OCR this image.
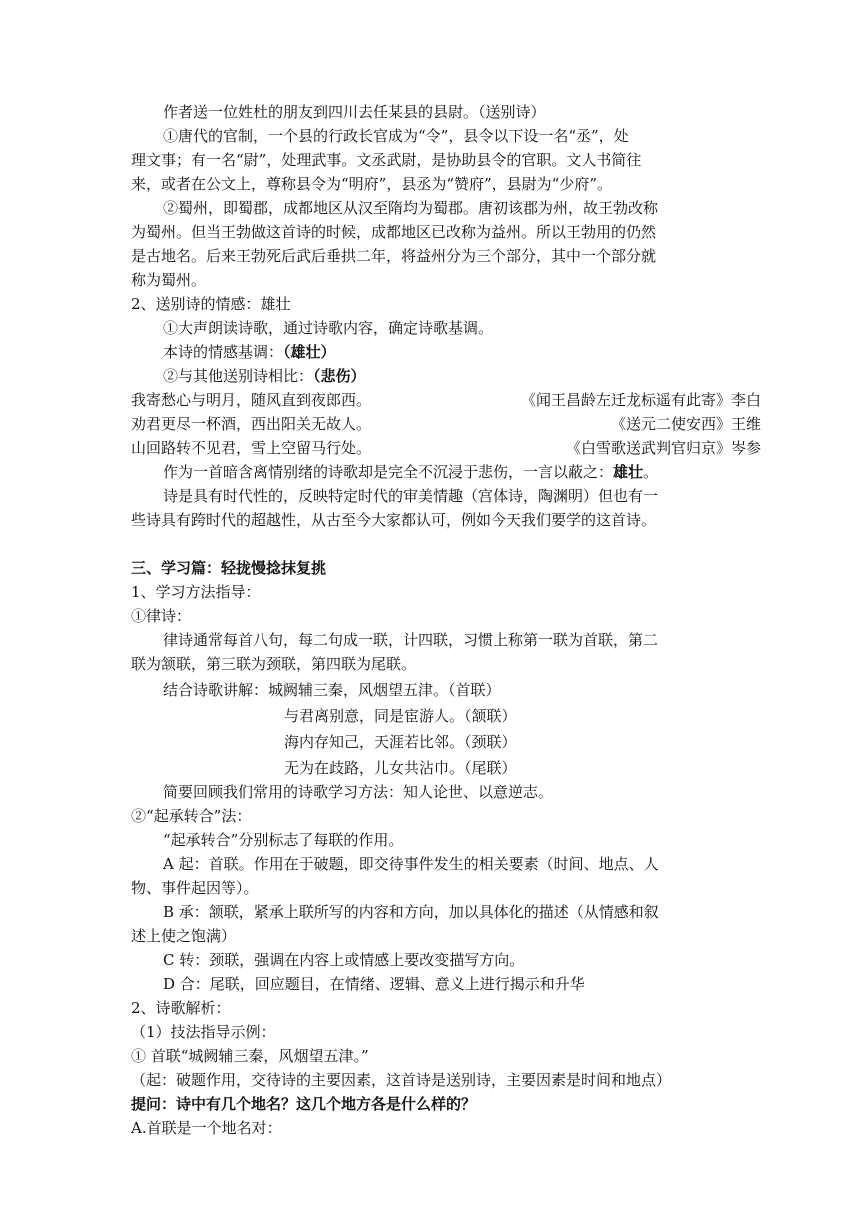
作者送一位姓杜的朋友到四川去任某县的县尉。（送别诗）
①唐代的官制，一个县的行政长官成为“令”，县令以下设一名“丞”，处
理文事；有一名“尉”，处理武事。文丞武尉，是协助县令的官职。文人书简往
来，或者在公文上，尊称县令为“明府”，县丞为“赞府”，县尉为“少府”。
②蜀州，即蜀郡，成都地区从汉至隋均为蜀郡。唐初该郡为州，故王勃改称
为蜀州。但当王勃做这首诗的时候，成都地区已改称为益州。所以王勃用的仍然
是古地名。后来王勃死后武后垂拱二年，将益州分为三个部分，其中一个部分就
称为蜀州。
2、送别诗的情感：雄壮
①大声朗读诗歌，通过诗歌内容，确定诗歌基调。
本诗的情感基调：（雄壮）
②与其他送别诗相比：（悲伤）
我寄愁心与明月，随风直到夜郎西。	《闻王昌龄左迁龙标遥有此寄》李白
劝君更尽一杯酒，西出阳关无故人。	《送元二使安西》王维
山回路转不见君，雪上空留马行处。	《白雪歌送武判官归京》岑参
作为一首暗含离情别绪的诗歌却是完全不沉浸于悲伤，一言以蔽之：雄壮。
诗是具有时代性的，反映特定时代的审美情趣（宫体诗，陶渊明）但也有一
些诗具有跨时代的超越性，从古至今大家都认可，例如今天我们要学的这首诗。
三、学习篇：轻拢慢捻抹复挑
1、学习方法指导：
①律诗：
律诗通常每首八句，每二句成一联，计四联，习惯上称第一联为首联，第二
联为颔联，第三联为颈联，第四联为尾联。
结合诗歌讲解：城阙辅三秦，风烟望五津。（首联）
与君离别意，同是宦游人。（颔联）
海内存知己，天涯若比邻。（颈联）
无为在歧路，儿女共沾巾。（尾联）
简要回顾我们常用的诗歌学习方法：知人论世、以意逆志。
②“起承转合”法：
“起承转合”分别标志了每联的作用。
A 起：首联。作用在于破题，即交待事件发生的相关要素（时间、地点、人
物、事件起因等）。
B 承：颔联，紧承上联所写的内容和方向，加以具体化的描述（从情感和叙
述上使之饱满）
C 转：颈联，强调在内容上或情感上要改变描写方向。
D 合：尾联，回应题目，在情绪、逻辑、意义上进行揭示和升华
2、诗歌解析：
（1）技法指导示例：
① 首联“城阙辅三秦，风烟望五津。”
（起：破题作用，交待诗的主要因素，这首诗是送别诗，主要因素是时间和地点）
提问：诗中有几个地名？这几个地方各是什么样的？
A.首联是一个地名对：
